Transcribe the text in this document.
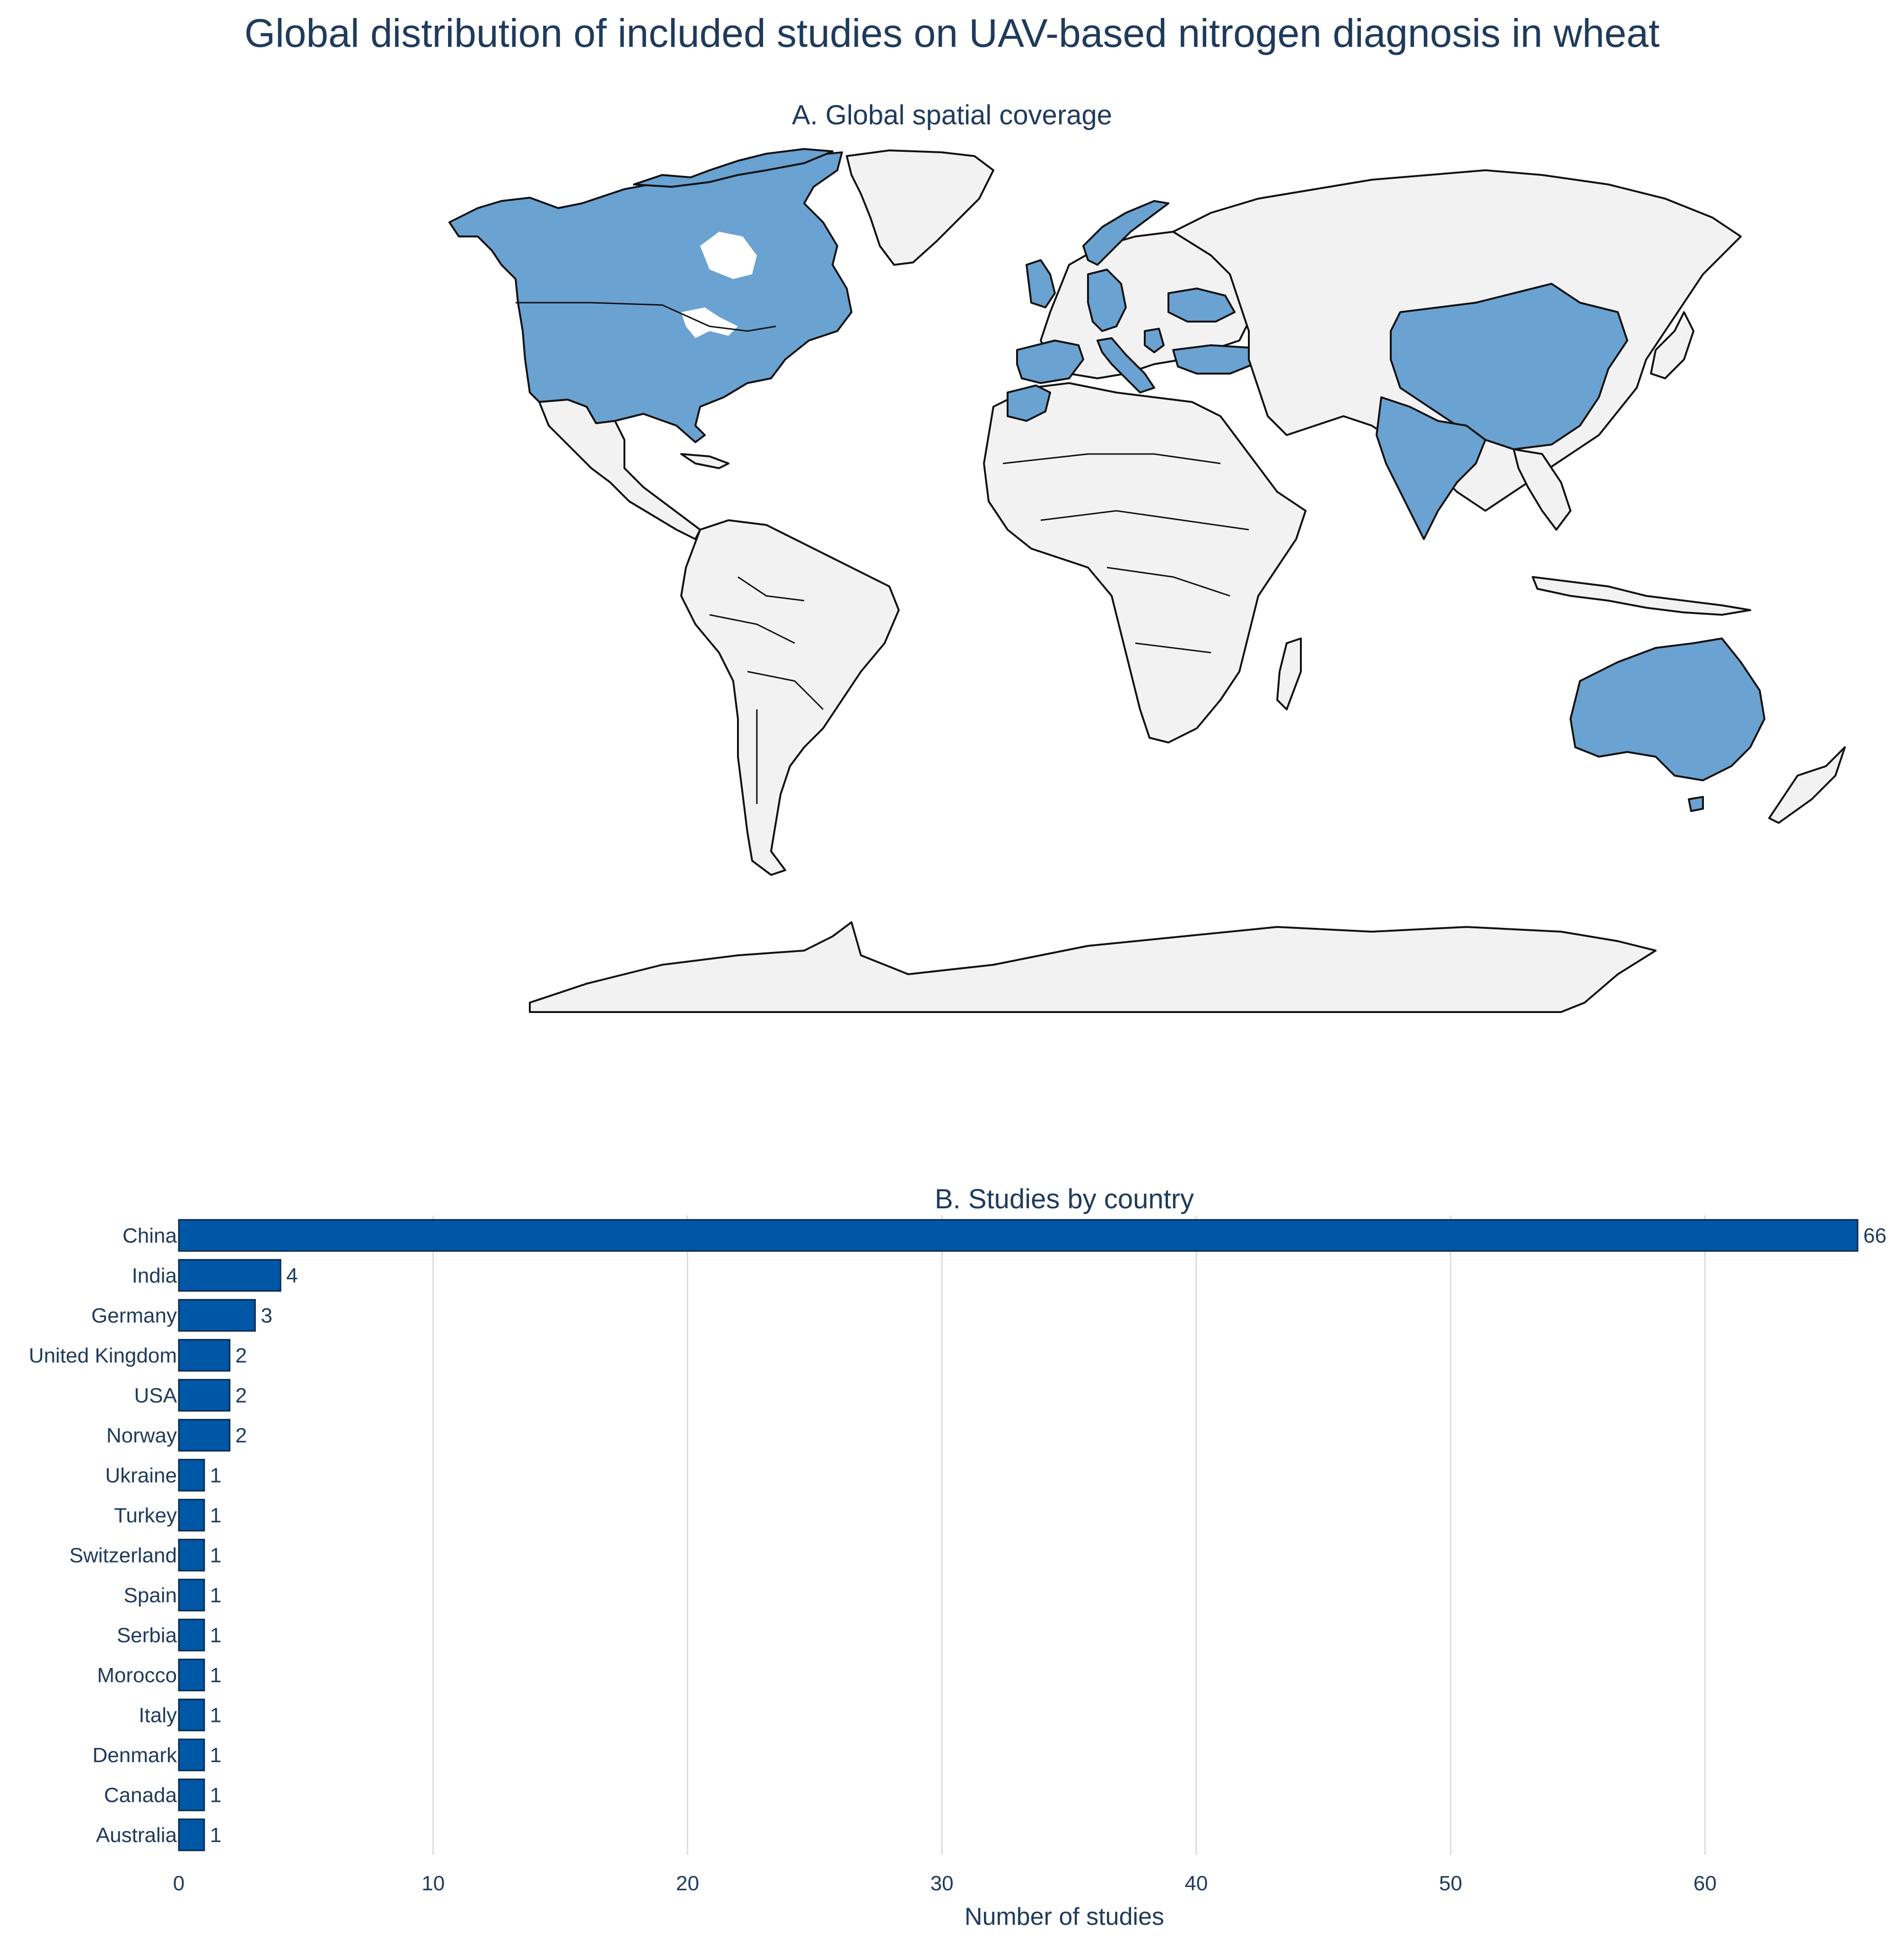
Global distribution of included studies on UAV-based nitrogen diagnosis in wheat
A. Global spatial coverage
B. Studies by country
China
India
Germany
United Kingdom
USA
Norway
Ukraine
Turkey
Switzerland
Spain
Serbia
Morocco
Italy
Denmark
Canada
Australia
66
4
3
2
2
2
1
1
1
1
1
1
1
1
1
1
0	10	20	30	40	50	60
Number of studies
